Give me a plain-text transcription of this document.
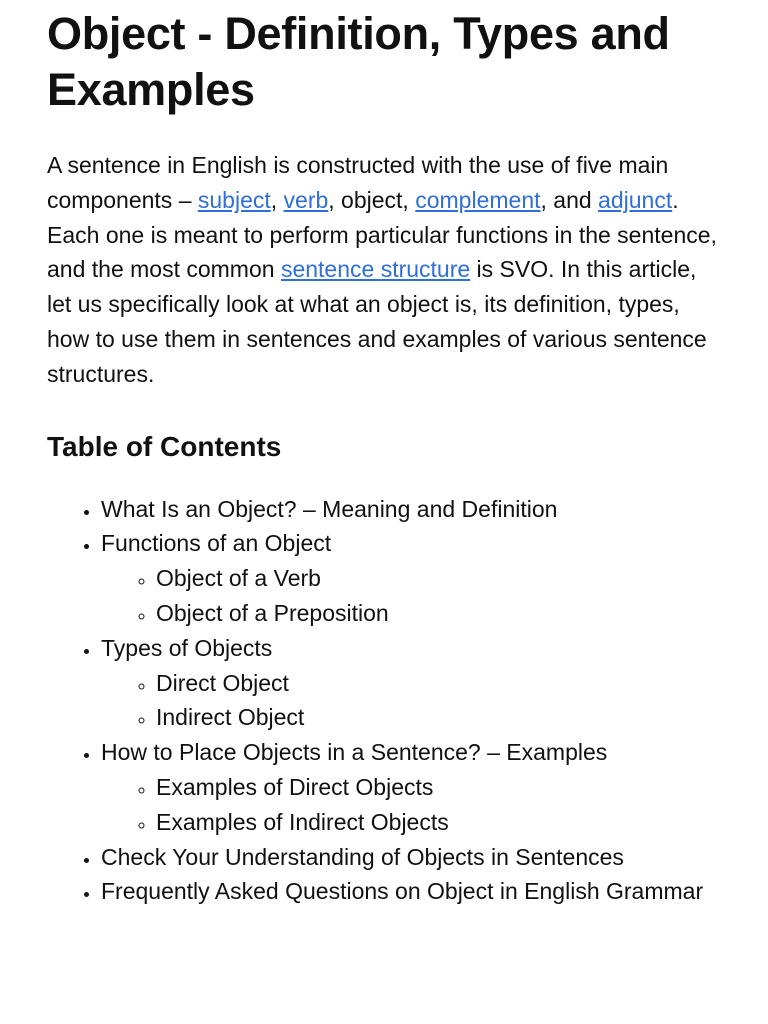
Object - Definition, Types and Examples

A sentence in English is constructed with the use of five main components – subject, verb, object, complement, and adjunct. Each one is meant to perform particular functions in the sentence, and the most common sentence structure is SVO. In this article, let us specifically look at what an object is, its definition, types, how to use them in sentences and examples of various sentence structures.

Table of Contents
• What Is an Object? – Meaning and Definition
• Functions of an Object
◦ Object of a Verb
◦ Object of a Preposition
• Types of Objects
◦ Direct Object
◦ Indirect Object
• How to Place Objects in a Sentence? – Examples
◦ Examples of Direct Objects
◦ Examples of Indirect Objects
• Check Your Understanding of Objects in Sentences
• Frequently Asked Questions on Object in English Grammar
